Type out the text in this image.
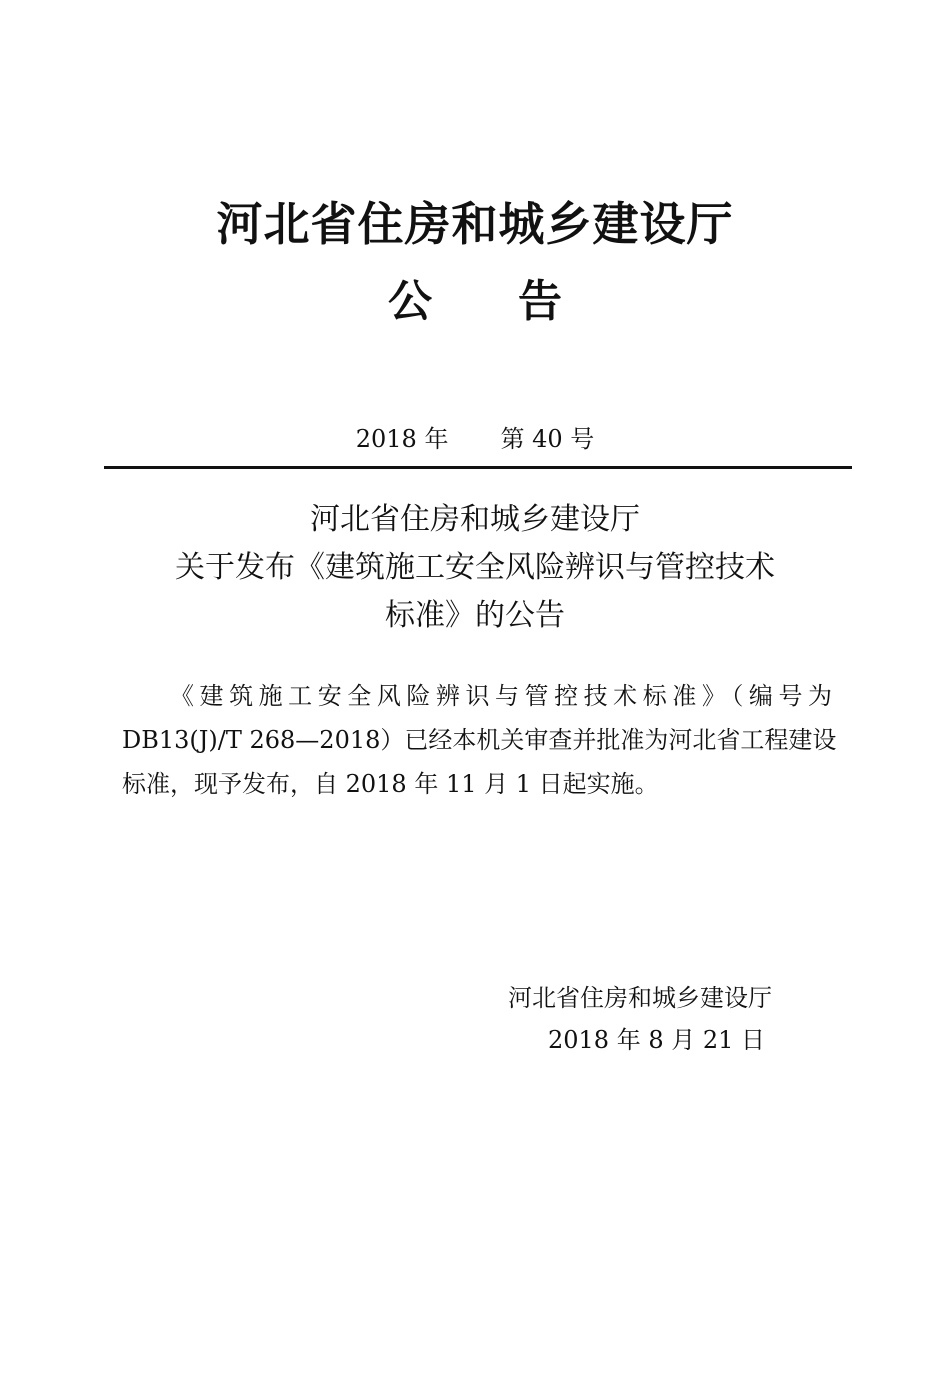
河北省住房和城乡建设厅
公 告
2018 年 第 40 号
河北省住房和城乡建设厅
关于发布《建筑施工安全风险辨识与管控技术
标准》的公告
《建筑施工安全风险辨识与管控技术标准》（编号为
DB13(J)/T 268—2018）已经本机关审查并批准为河北省工程建设
标准，现予发布，自 2018 年 11 月 1 日起实施。
河北省住房和城乡建设厅
2018 年 8 月 21 日
